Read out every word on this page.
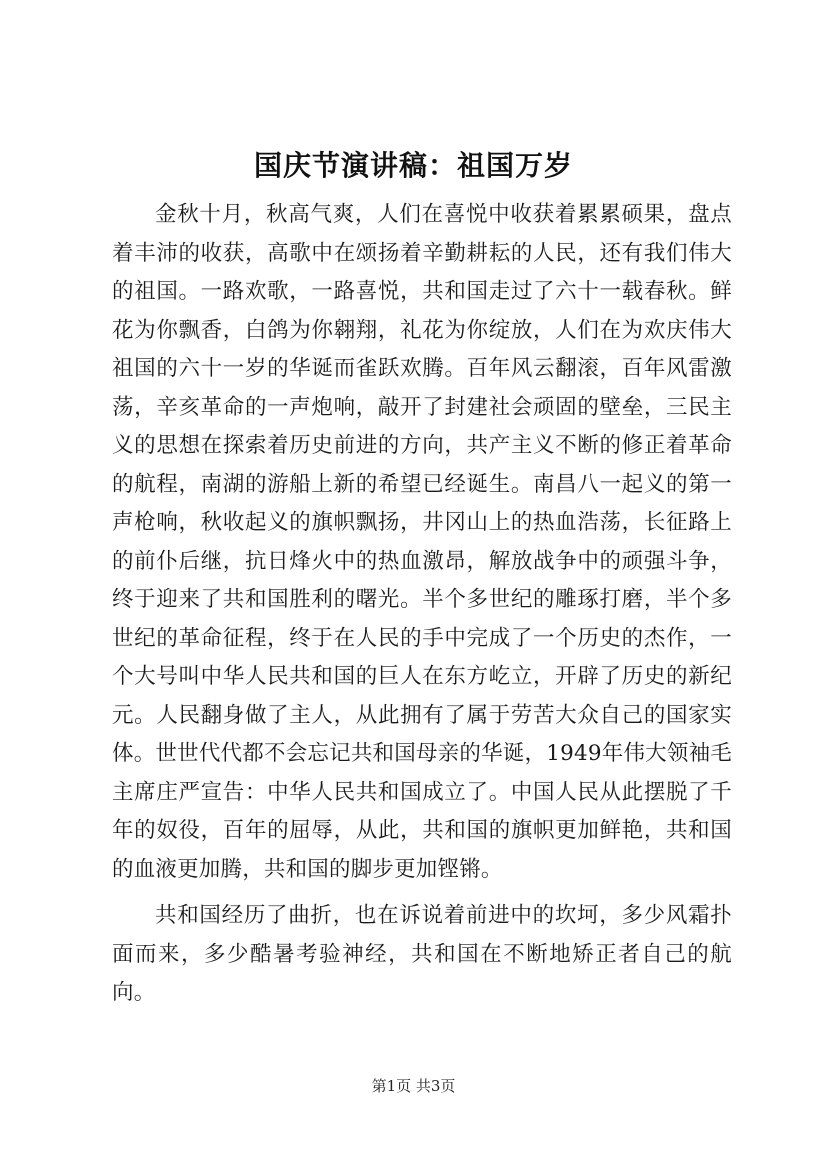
国庆节演讲稿：祖国万岁

金秋十月，秋高气爽，人们在喜悦中收获着累累硕果，盘点着丰沛的收获，高歌中在颂扬着辛勤耕耘的人民，还有我们伟大的祖国。一路欢歌，一路喜悦，共和国走过了六十一载春秋。鲜花为你飘香，白鸽为你翱翔，礼花为你绽放，人们在为欢庆伟大祖国的六十一岁的华诞而雀跃欢腾。百年风云翻滚，百年风雷激荡，辛亥革命的一声炮响，敲开了封建社会顽固的壁垒，三民主义的思想在探索着历史前进的方向，共产主义不断的修正着革命的航程，南湖的游船上新的希望已经诞生。南昌八一起义的第一声枪响，秋收起义的旗帜飘扬，井冈山上的热血浩荡，长征路上的前仆后继，抗日烽火中的热血激昂，解放战争中的顽强斗争，终于迎来了共和国胜利的曙光。半个多世纪的雕琢打磨，半个多世纪的革命征程，终于在人民的手中完成了一个历史的杰作，一个大号叫中华人民共和国的巨人在东方屹立，开辟了历史的新纪元。人民翻身做了主人，从此拥有了属于劳苦大众自己的国家实体。世世代代都不会忘记共和国母亲的华诞，1949年伟大领袖毛主席庄严宣告：中华人民共和国成立了。中国人民从此摆脱了千年的奴役，百年的屈辱，从此，共和国的旗帜更加鲜艳，共和国的血液更加腾，共和国的脚步更加铿锵。

共和国经历了曲折，也在诉说着前进中的坎坷，多少风霜扑面而来，多少酷暑考验神经，共和国在不断地矫正者自己的航向。

第1页 共3页
